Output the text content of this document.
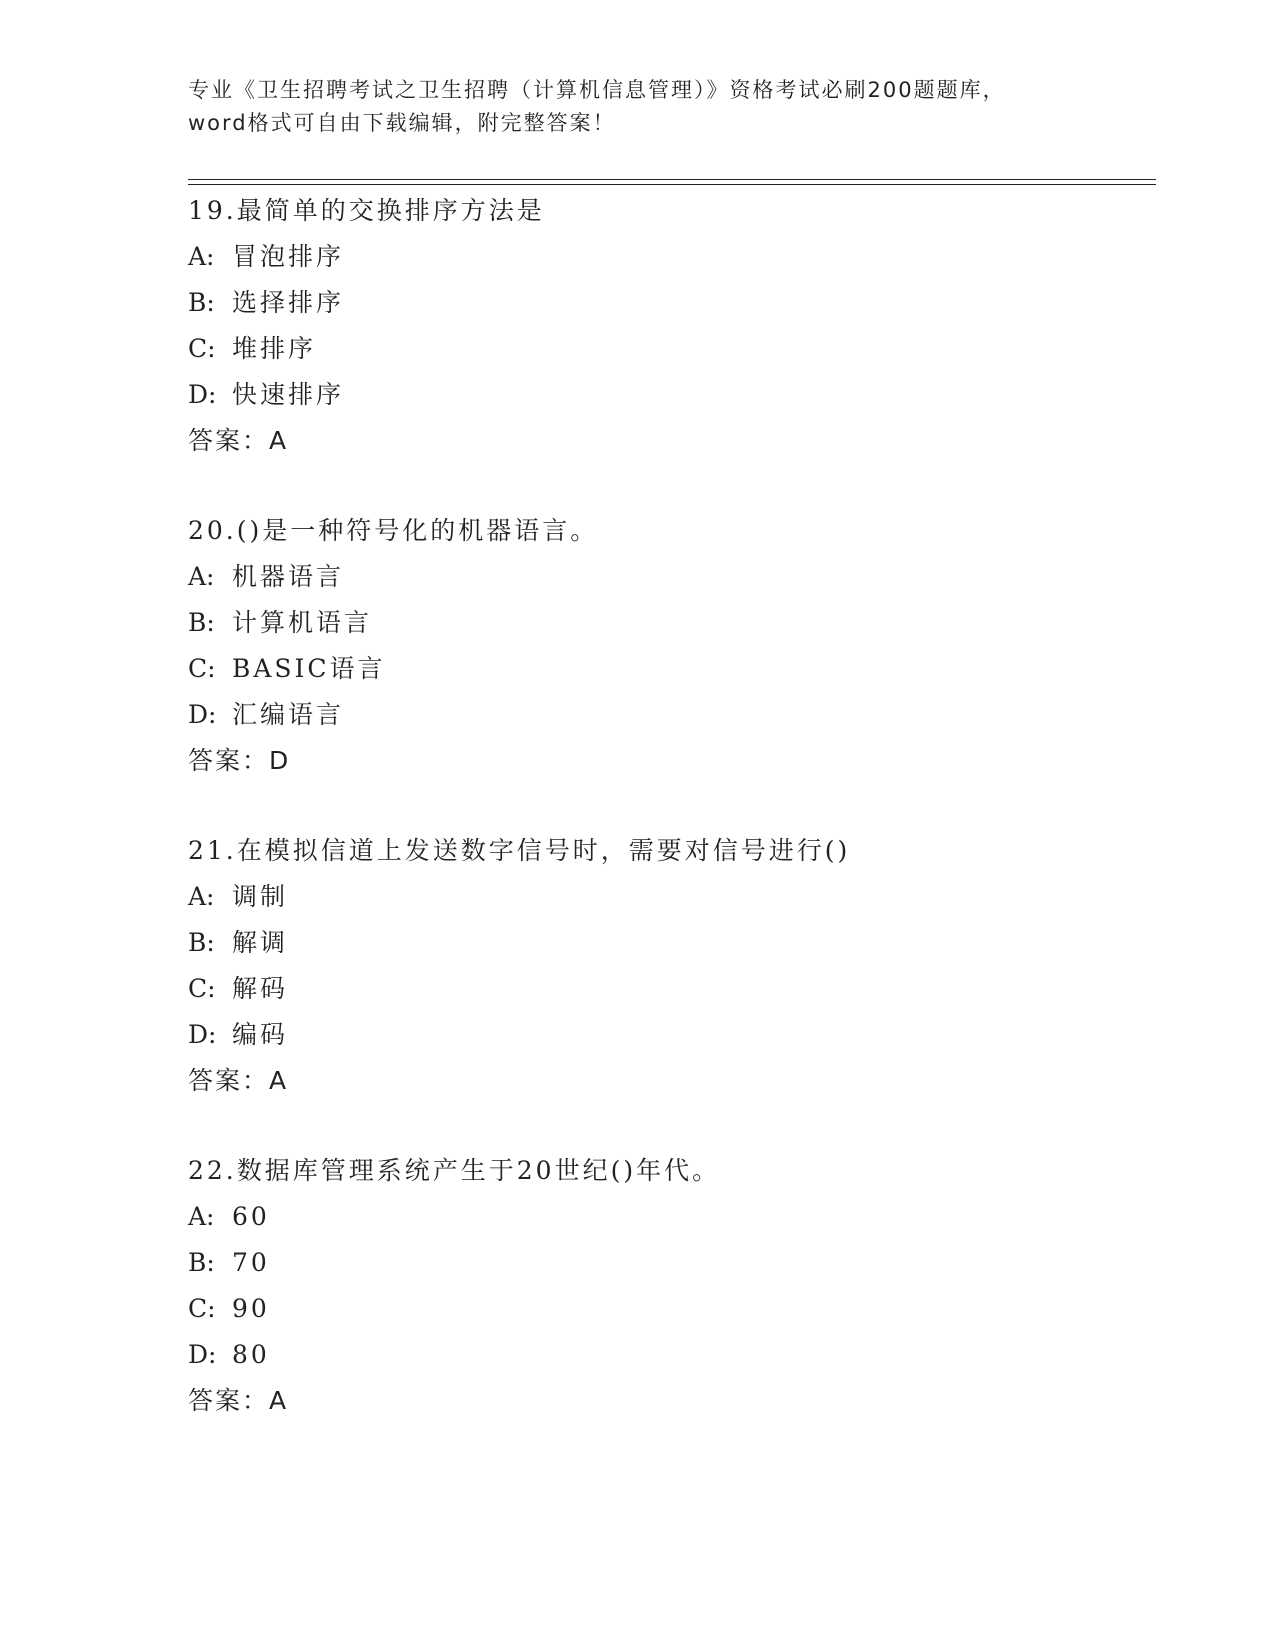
专业《卫生招聘考试之卫生招聘（计算机信息管理）》资格考试必刷200题题库，
word格式可自由下载编辑，附完整答案！
19.最简单的交换排序方法是
A: 冒泡排序
B: 选择排序
C: 堆排序
D: 快速排序
答案：A
20.()是一种符号化的机器语言。
A: 机器语言
B: 计算机语言
C: BASIC语言
D: 汇编语言
答案：D
21.在模拟信道上发送数字信号时，需要对信号进行()
A: 调制
B: 解调
C: 解码
D: 编码
答案：A
22.数据库管理系统产生于20世纪()年代。
A: 60
B: 70
C: 90
D: 80
答案：A
